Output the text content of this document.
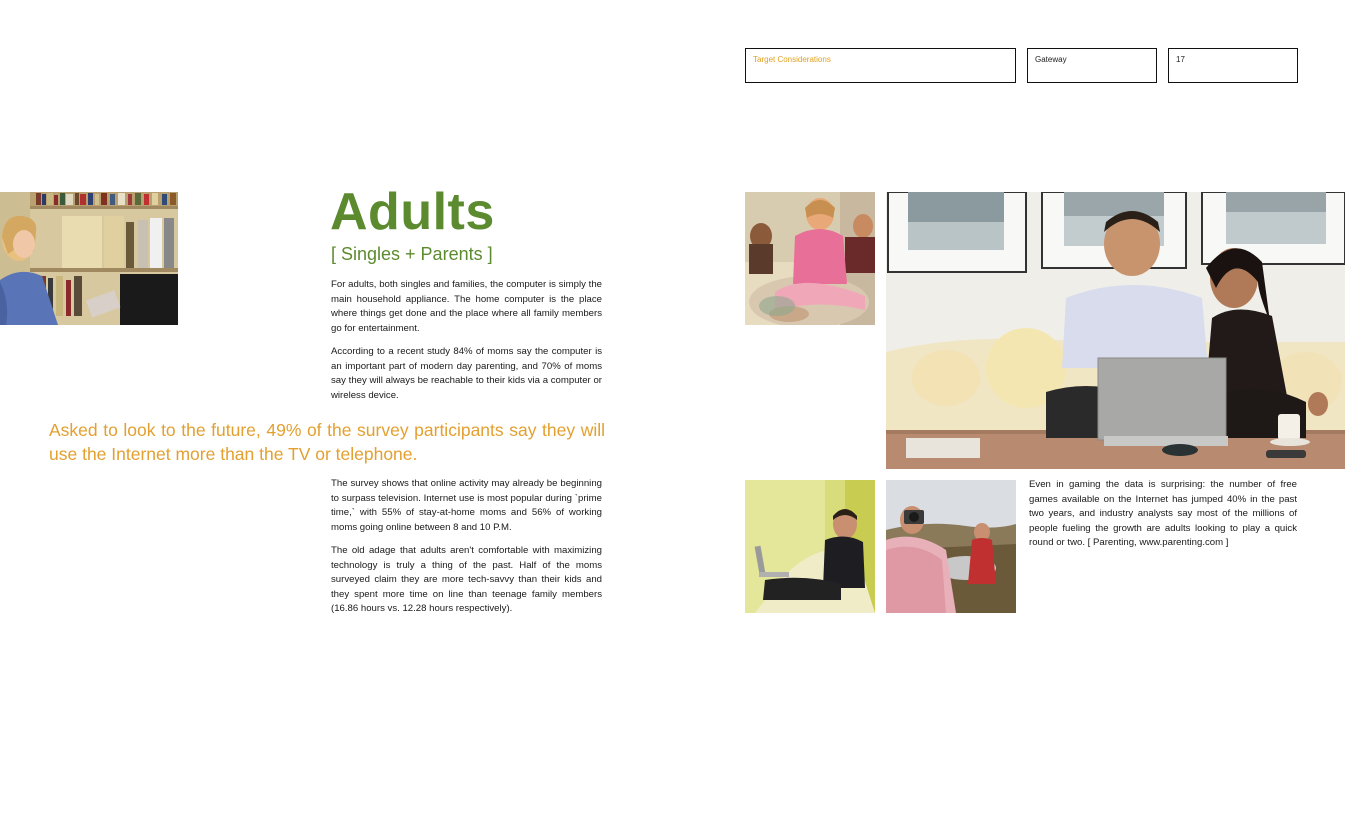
Target Considerations	Gateway	17
Adults
[ Singles + Parents ]

For adults, both singles and families, the computer is simply the main household appliance. The home computer is the place where things get done and the place where all family members go for entertainment.

According to a recent study 84% of moms say the computer is an important part of modern day parenting, and 70% of moms say they will always be reachable to their kids via a computer or wireless device.

Asked to look to the future, 49% of the survey participants say they will use the Internet more than the TV or telephone.

The survey shows that online activity may already be beginning to surpass television. Internet use is most popular during `prime time,` with 55% of stay-at-home moms and 56% of working moms going online between 8 and 10 P.M.

The old adage that adults aren't comfortable with maximizing technology is truly a thing of the past. Half of the moms surveyed claim they are more tech-savvy than their kids and they spent more time on line than teenage family members (16.86 hours vs. 12.28 hours respectively).

Even in gaming the data is surprising: the number of free games available on the Internet has jumped 40% in the past two years, and industry analysts say most of the millions of people fueling the growth are adults looking to play a quick round or two. [ Parenting, www.parenting.com ]
